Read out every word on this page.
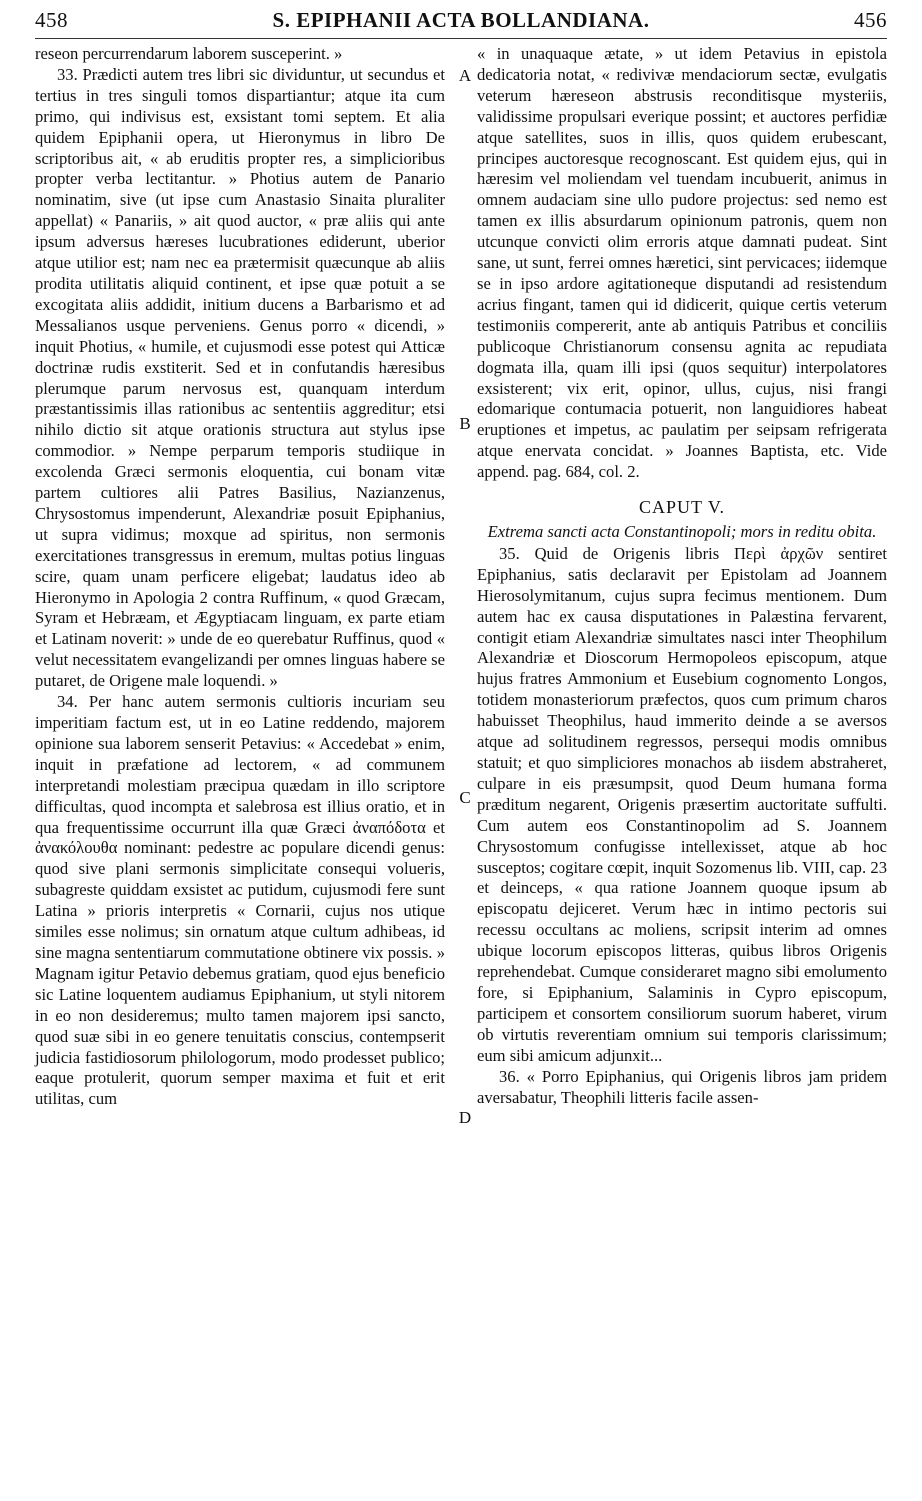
458	S. EPIPHANII ACTA BOLLANDIANA.	456

reseon percurrendarum laborem susceperint. »

33. Prædicti autem tres libri sic dividuntur, ut secundus et tertius in tres singuli tomos dispartiantur; atque ita cum primo, qui indivisus est, exsistant tomi septem. Et alia quidem Epiphanii opera, ut Hieronymus in libro De scriptoribus ait, « ab eruditis propter res, a simplicioribus propter verba lectitantur. » Photius autem de Panario nominatim, sive (ut ipse cum Anastasio Sinaita pluraliter appellat) « Panariis, » ait quod auctor, « præ aliis qui ante ipsum adversus hæreses lucubrationes ediderunt, uberior atque utilior est; nam nec ea prætermisit quæcunque ab aliis prodita utilitatis aliquid continent, et ipse quæ potuit a se excogitata aliis addidit, initium ducens a Barbarismo et ad Messalianos usque perveniens. Genus porro « dicendi, » inquit Photius, « humile, et cujusmodi esse potest qui Atticæ doctrinæ rudis exstiterit. Sed et in confutandis hæresibus plerumque parum nervosus est, quanquam interdum præstantissimis illas rationibus ac sententiis aggreditur; etsi nihilo dictio sit atque orationis structura aut stylus ipse commodior. » Nempe perparum temporis studiique in excolenda Græci sermonis eloquentia, cui bonam vitæ partem cultiores alii Patres Basilius, Nazianzenus, Chrysostomus impenderunt, Alexandriæ posuit Epiphanius, ut supra vidimus; moxque ad spiritus, non sermonis exercitationes transgressus in eremum, multas potius linguas scire, quam unam perficere eligebat; laudatus ideo ab Hieronymo in Apologia 2 contra Ruffinum, « quod Græcam, Syram et Hebræam, et Ægyptiacam linguam, ex parte etiam et Latinam noverit: » unde de eo querebatur Ruffinus, quod « velut necessitatem evangelizandi per omnes linguas habere se putaret, de Origene male loquendi. »

34. Per hanc autem sermonis cultioris incuriam seu imperitiam factum est, ut in eo Latine reddendo, majorem opinione sua laborem senserit Petavius: « Accedebat » enim, inquit in præfatione ad lectorem, « ad communem interpretandi molestiam præcipua quædam in illo scriptore difficultas, quod incompta et salebrosa est illius oratio, et in qua frequentissime occurrunt illa quæ Græci ἀναπόδοτα et ἀνακόλουθα nominant: pedestre ac populare dicendi genus: quod sive plani sermonis simplicitate consequi volueris, subagreste quiddam exsistet ac putidum, cujusmodi fere sunt Latina » prioris interpretis « Cornarii, cujus nos utique similes esse nolimus; sin ornatum atque cultum adhibeas, id sine magna sententiarum commutatione obtinere vix possis. » Magnam igitur Petavio debemus gratiam, quod ejus beneficio sic Latine loquentem audiamus Epiphanium, ut styli nitorem in eo non desideremus; multo tamen majorem ipsi sancto, quod suæ sibi in eo genere tenuitatis conscius, contempserit judicia fastidiosorum philologorum, modo prodesset publico; eaque protulerit, quorum semper maxima et fuit et erit utilitas, cum

« in unaquaque ætate, » ut idem Petavius in epistola dedicatoria notat, « redivivæ mendaciorum sectæ, evulgatis veterum hæreseon abstrusis reconditisque mysteriis, validissime propulsari everique possint; et auctores perfidiæ atque satellites, suos in illis, quos quidem erubescant, principes auctoresque recognoscant. Est quidem ejus, qui in hæresim vel moliendam vel tuendam incubuerit, animus in omnem audaciam sine ullo pudore projectus: sed nemo est tamen ex illis absurdarum opinionum patronis, quem non utcunque convicti olim erroris atque damnati pudeat. Sint sane, ut sunt, ferrei omnes hæretici, sint pervicaces; iidemque se in ipso ardore agitationeque disputandi ad resistendum acrius fingant, tamen qui id didicerit, quique certis veterum testimoniis compererit, ante ab antiquis Patribus et conciliis publicoque Christianorum consensu agnita ac repudiata dogmata illa, quam illi ipsi (quos sequitur) interpolatores exsisterent; vix erit, opinor, ullus, cujus, nisi frangi edomarique contumacia potuerit, non languidiores habeat eruptiones et impetus, ac paulatim per seipsam refrigerata atque enervata concidat. » Joannes Baptista, etc. Vide append. pag. 684, col. 2.

CAPUT V.
Extrema sancti acta Constantinopoli; mors in reditu obita.

35. Quid de Origenis libris Περὶ ἀρχῶν sentiret Epiphanius, satis declaravit per Epistolam ad Joannem Hierosolymitanum, cujus supra fecimus mentionem. Dum autem hac ex causa disputationes in Palæstina fervarent, contigit etiam Alexandriæ simultates nasci inter Theophilum Alexandriæ et Dioscorum Hermopoleos episcopum, atque hujus fratres Ammonium et Eusebium cognomento Longos, totidem monasteriorum præfectos, quos cum primum charos habuisset Theophilus, haud immerito deinde a se aversos atque ad solitudinem regressos, persequi modis omnibus statuit; et quo simpliciores monachos ab iisdem abstraheret, culpare in eis præsumpsit, quod Deum humana forma præditum negarent, Origenis præsertim auctoritate suffulti. Cum autem eos Constantinopolim ad S. Joannem Chrysostomum confugisse intellexisset, atque ab hoc susceptos; cogitare cœpit, inquit Sozomenus lib. VIII, cap. 23 et deinceps, « qua ratione Joannem quoque ipsum ab episcopatu dejiceret. Verum hæc in intimo pectoris sui recessu occultans ac moliens, scripsit interim ad omnes ubique locorum episcopos litteras, quibus libros Origenis reprehendebat. Cumque consideraret magno sibi emolumento fore, si Epiphanium, Salaminis in Cypro episcopum, participem et consortem consiliorum suorum haberet, virum ob virtutis reverentiam omnium sui temporis clarissimum; eum sibi amicum adjunxit...

36. « Porro Epiphanius, qui Origenis libros jam pridem aversabatur, Theophili litteris facile assen-

A
B
C
D
